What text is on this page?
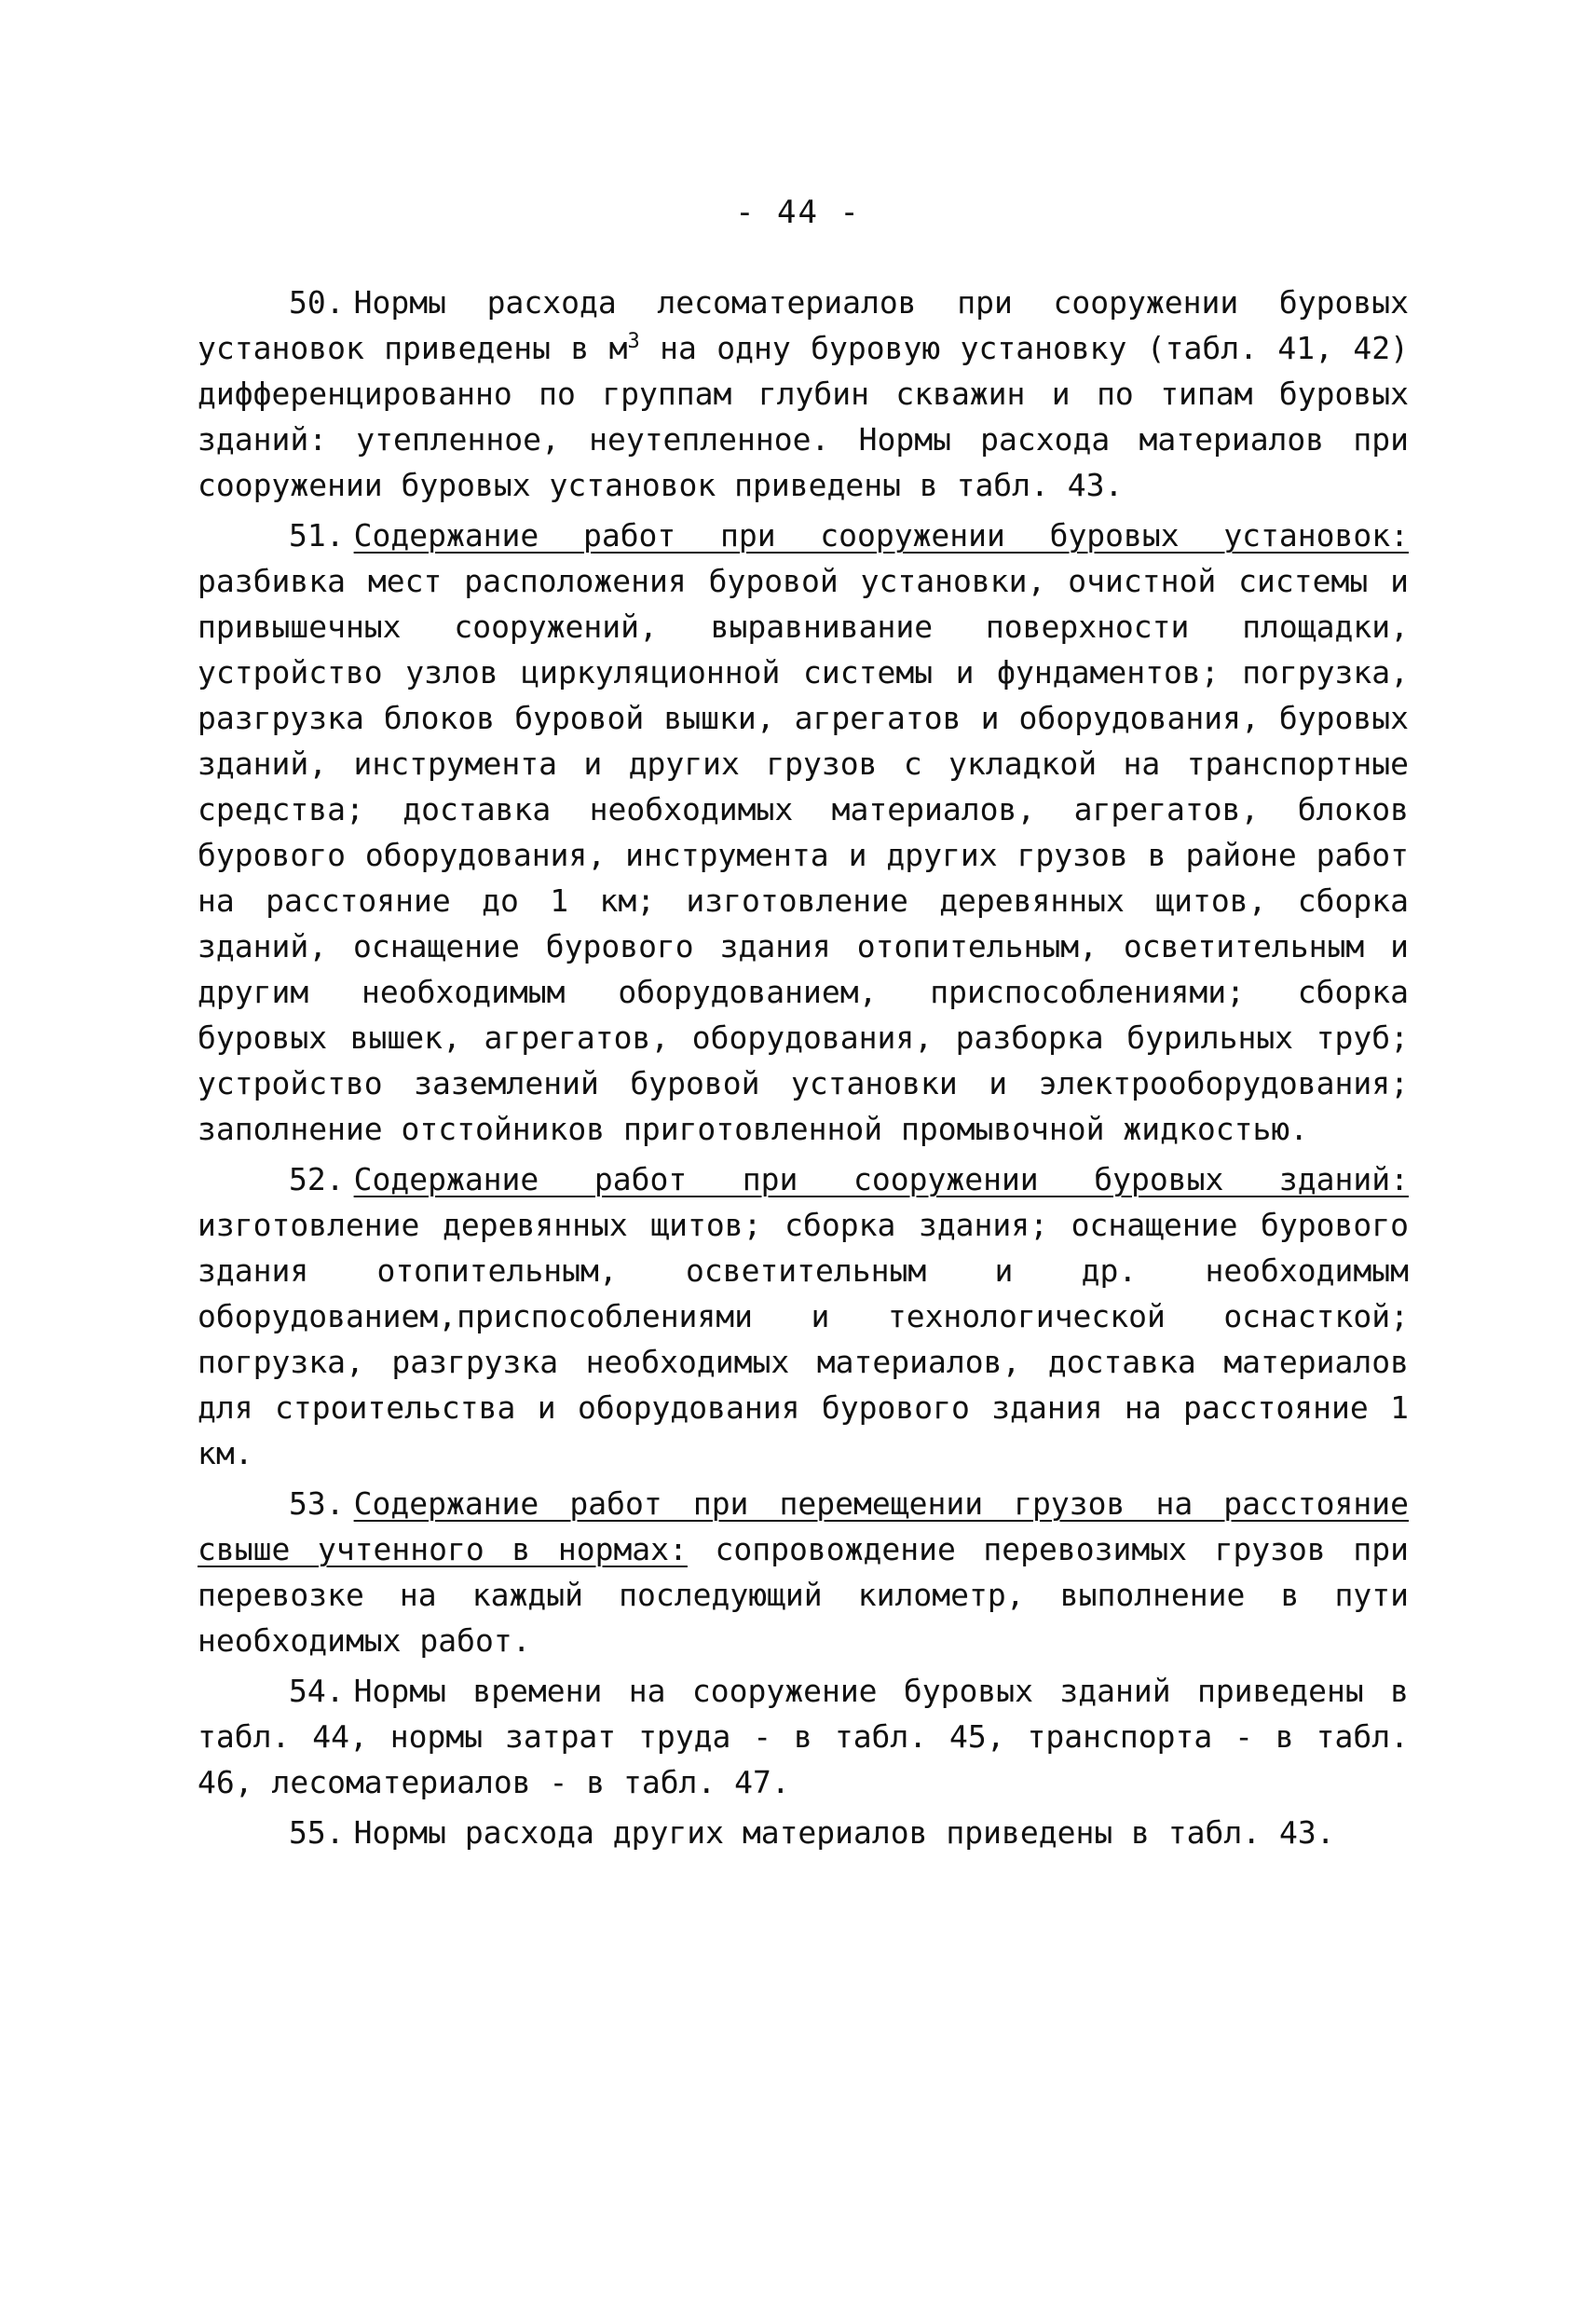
- 44 -

50. Нормы расхода лесоматериалов при сооружении буровых установок приведены в $м^3$ на одну буровую установку (табл. 41, 42) дифференцированно по группам глубин скважин и по типам буровых зданий: утепленное, неутепленное. Нормы расхода материалов при сооружении буровых установок приведены в табл. 43.

51. Содержание работ при сооружении буровых установок: разбивка мест расположения буровой установки, очистной системы и привышечных сооружений, выравнивание поверхности площадки, устройство узлов циркуляционной системы и фундаментов; погрузка, разгрузка блоков буровой вышки, агрегатов и оборудования, буровых зданий, инструмента и других грузов с укладкой на транспортные средства; доставка необходимых материалов, агрегатов, блоков бурового оборудования, инструмента и других грузов в районе работ на расстояние до 1 км; изготовление деревянных щитов, сборка зданий, оснащение бурового здания отопительным, осветительным и другим необходимым оборудованием, приспособлениями; сборка буровых вышек, агрегатов, оборудования, разборка бурильных труб; устройство заземлений буровой установки и электрооборудования; заполнение отстойников приготовленной промывочной жидкостью.

52. Содержание работ при сооружении буровых зданий: изготовление деревянных щитов; сборка здания; оснащение бурового здания отопительным, осветительным и др. необходимым оборудованием,приспособлениями и технологической оснасткой; погрузка, разгрузка необходимых материалов, доставка материалов для строительства и оборудования бурового здания на расстояние 1 км.

53. Содержание работ при перемещении грузов на расстояние свыше учтенного в нормах: сопровождение перевозимых грузов при перевозке на каждый последующий километр, выполнение в пути необходимых работ.

54. Нормы времени на сооружение буровых зданий приведены в табл. 44, нормы затрат труда - в табл. 45, транспорта - в табл. 46, лесоматериалов - в табл. 47.

55. Нормы расхода других материалов приведены в табл. 43.
